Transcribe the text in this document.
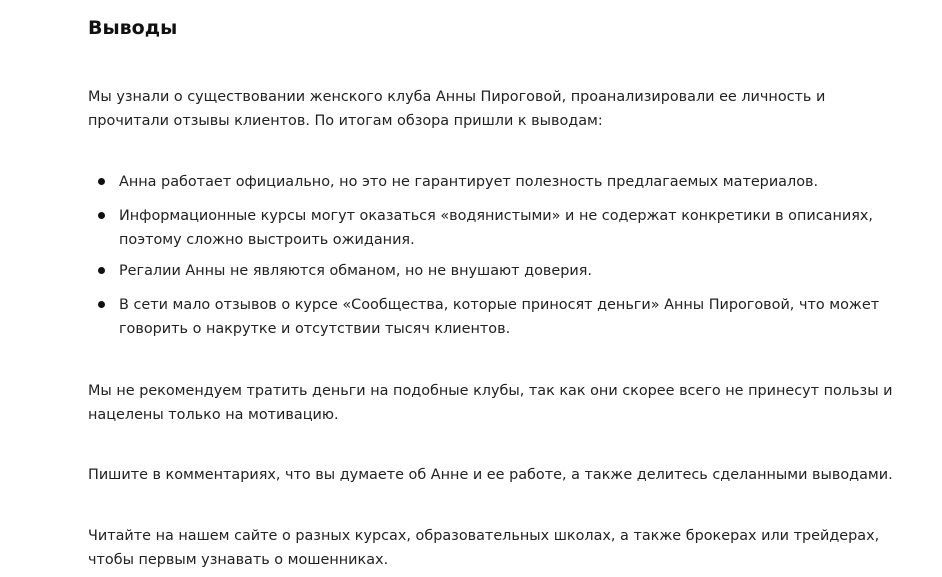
Выводы

Мы узнали о существовании женского клуба Анны Пироговой, проанализировали ее личность и прочитали отзывы клиентов. По итогам обзора пришли к выводам:

Анна работает официально, но это не гарантирует полезность предлагаемых материалов.
Информационные курсы могут оказаться «водянистыми» и не содержат конкретики в описаниях, поэтому сложно выстроить ожидания.
Регалии Анны не являются обманом, но не внушают доверия.
В сети мало отзывов о курсе «Сообщества, которые приносят деньги» Анны Пироговой, что может говорить о накрутке и отсутствии тысяч клиентов.

Мы не рекомендуем тратить деньги на подобные клубы, так как они скорее всего не принесут пользы и нацелены только на мотивацию.

Пишите в комментариях, что вы думаете об Анне и ее работе, а также делитесь сделанными выводами.

Читайте на нашем сайте о разных курсах, образовательных школах, а также брокерах или трейдерах, чтобы первым узнавать о мошенниках.
